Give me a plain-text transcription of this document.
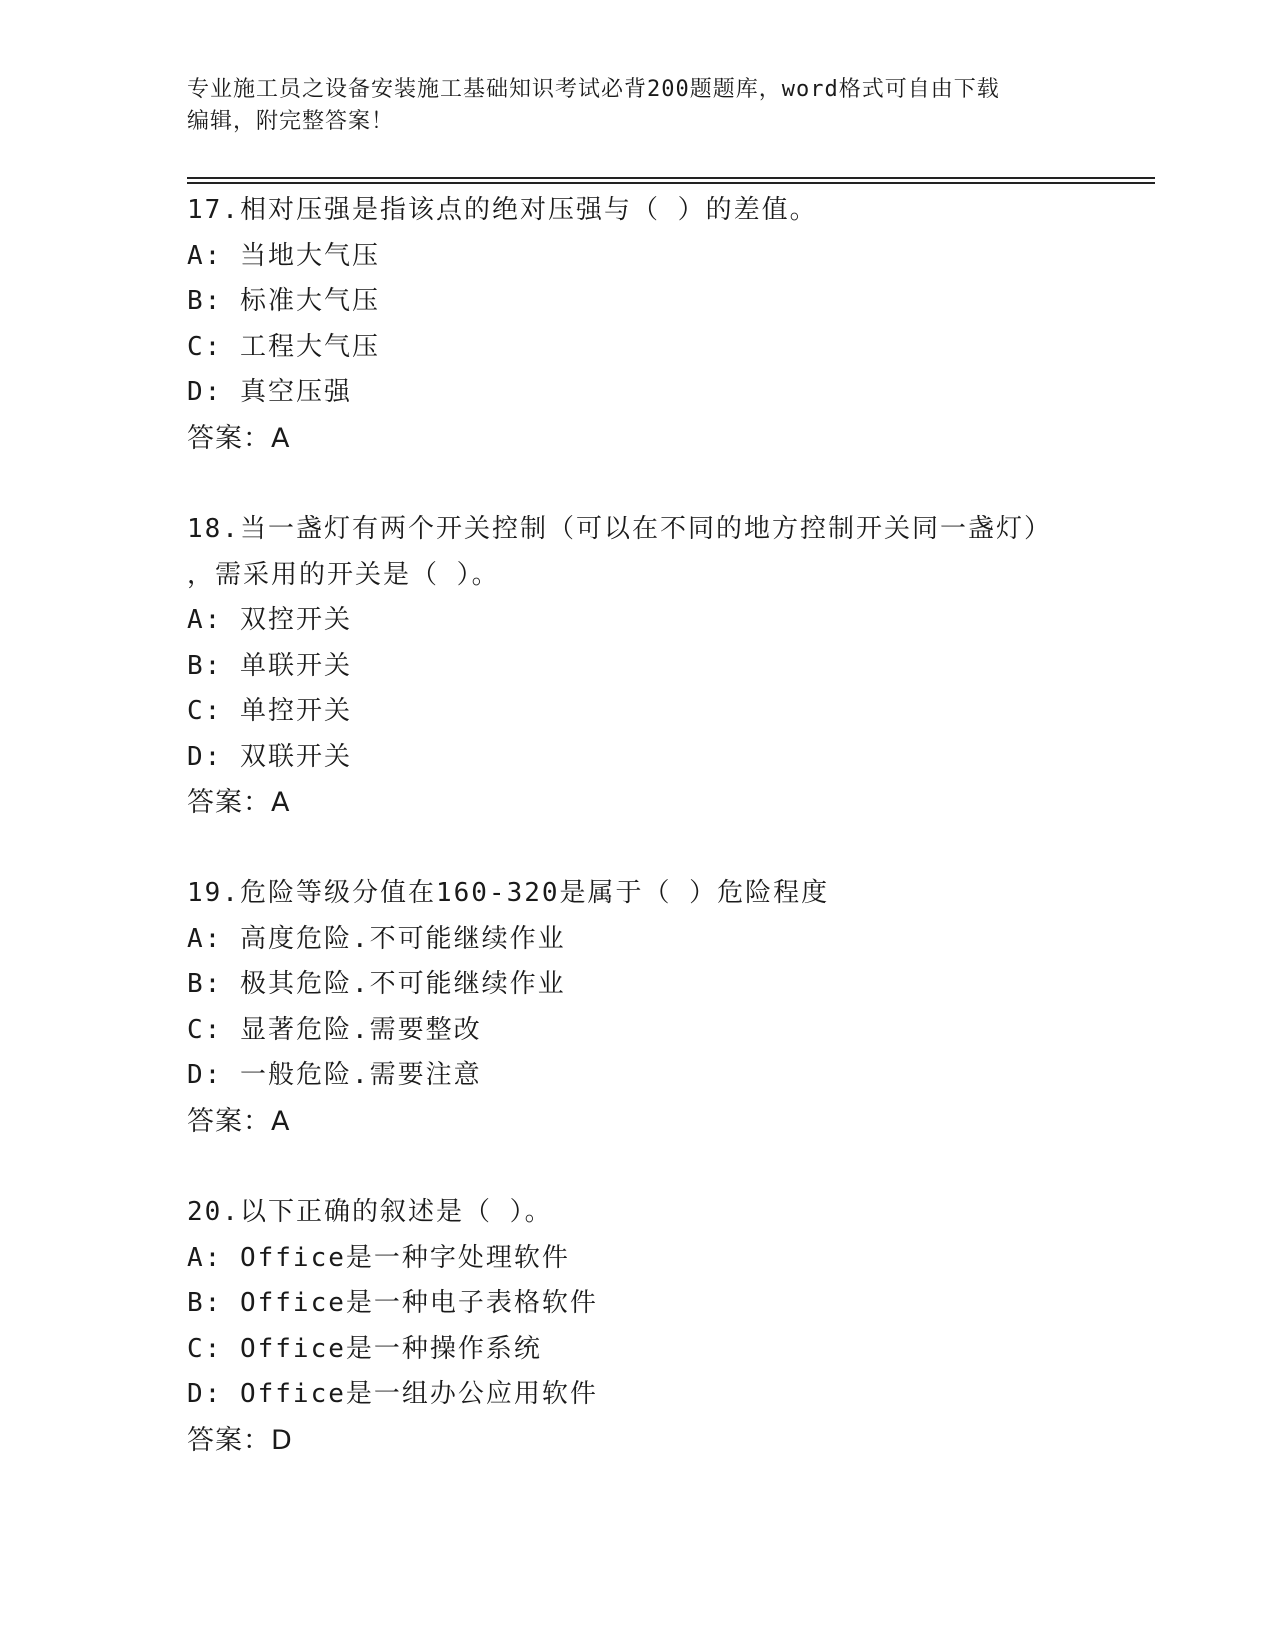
专业施工员之设备安装施工基础知识考试必背200题题库，word格式可自由下载
编辑，附完整答案！
17.相对压强是指该点的绝对压强与（ ）的差值。
A: 当地大气压
B: 标准大气压
C: 工程大气压
D: 真空压强
答案：A
18.当一盏灯有两个开关控制（可以在不同的地方控制开关同一盏灯）
，需采用的开关是（ ）。
A: 双控开关
B: 单联开关
C: 单控开关
D: 双联开关
答案：A
19.危险等级分值在160-320是属于（ ）危险程度
A: 高度危险.不可能继续作业
B: 极其危险.不可能继续作业
C: 显著危险.需要整改
D: 一般危险.需要注意
答案：A
20.以下正确的叙述是（ ）。
A: Office是一种字处理软件
B: Office是一种电子表格软件
C: Office是一种操作系统
D: Office是一组办公应用软件
答案：D
